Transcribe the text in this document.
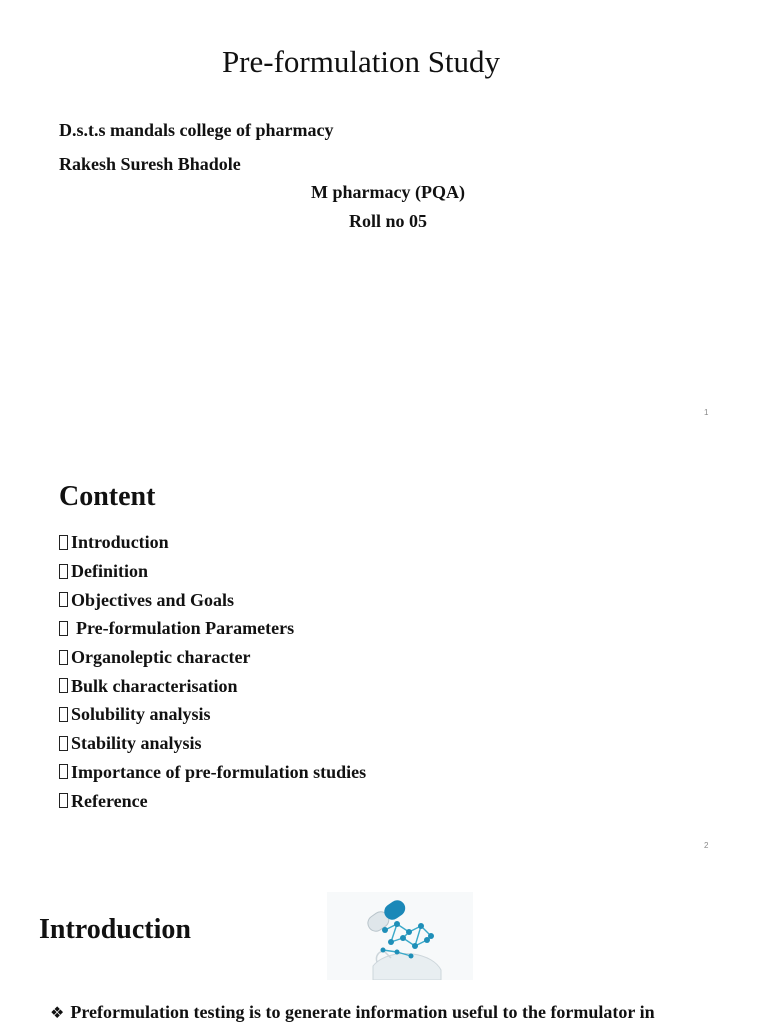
Pre-formulation Study
D.s.t.s mandals college of pharmacy
Rakesh Suresh Bhadole
M pharmacy (PQA)
Roll no 05
1
Content
Introduction
Definition
Objectives and Goals
Pre-formulation Parameters
Organoleptic character
Bulk characterisation
Solubility analysis
Stability analysis
Importance of pre-formulation studies
Reference
2
Introduction
❖ Preformulation testing is to generate information useful to the formulator in
